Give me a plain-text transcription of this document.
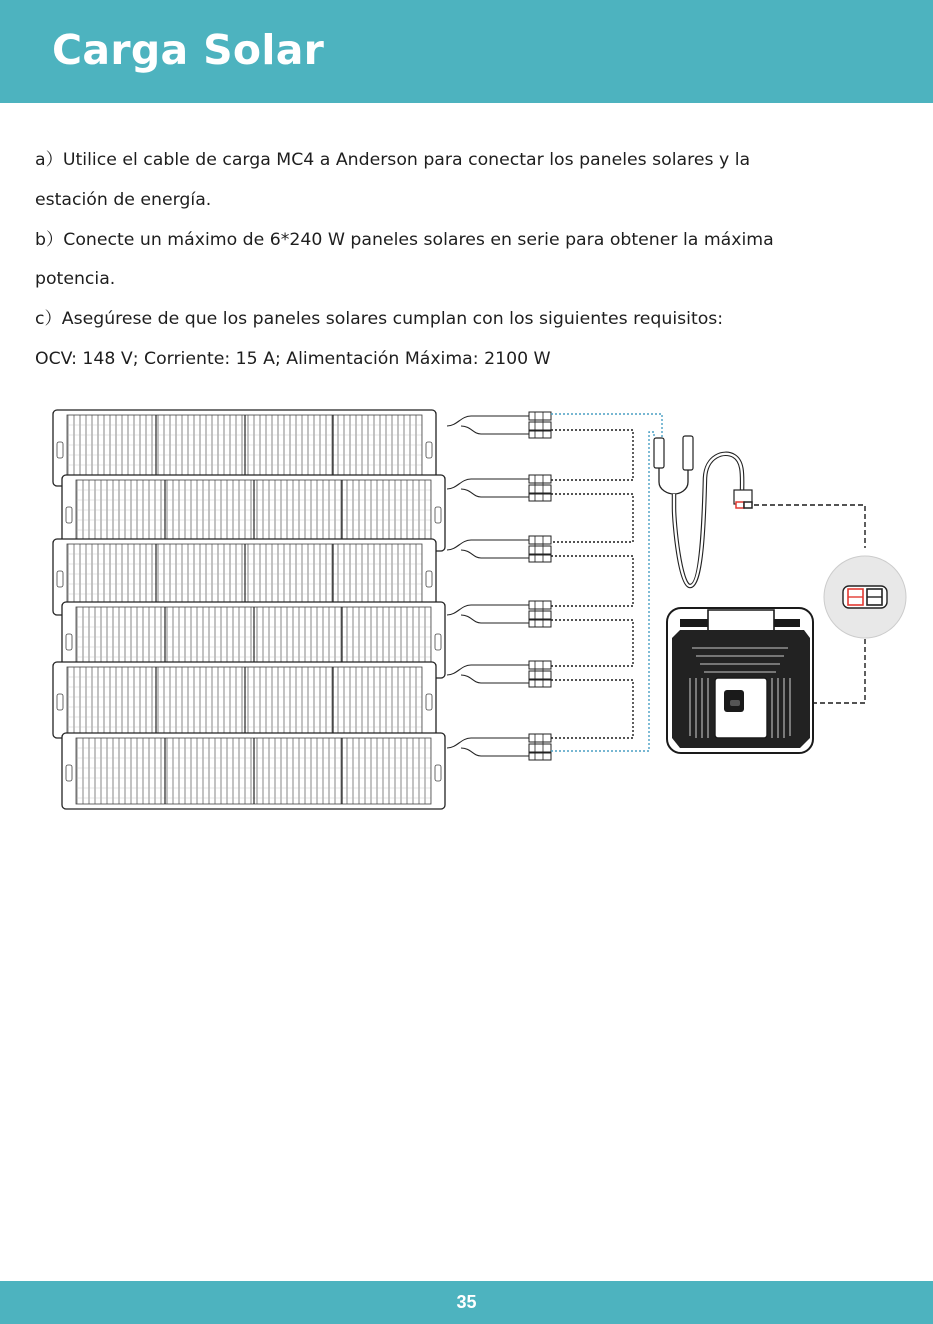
Carga Solar

a）Utilice el cable de carga MC4 a Anderson para conectar los paneles solares y la

estación de energía.

b）Conecte un máximo de 6*240 W paneles solares en serie para obtener la máxima

potencia.

c）Asegúrese de que los paneles solares cumplan con los siguientes requisitos:

OCV: 148 V; Corriente: 15 A; Alimentación Máxima: 2100 W

35
